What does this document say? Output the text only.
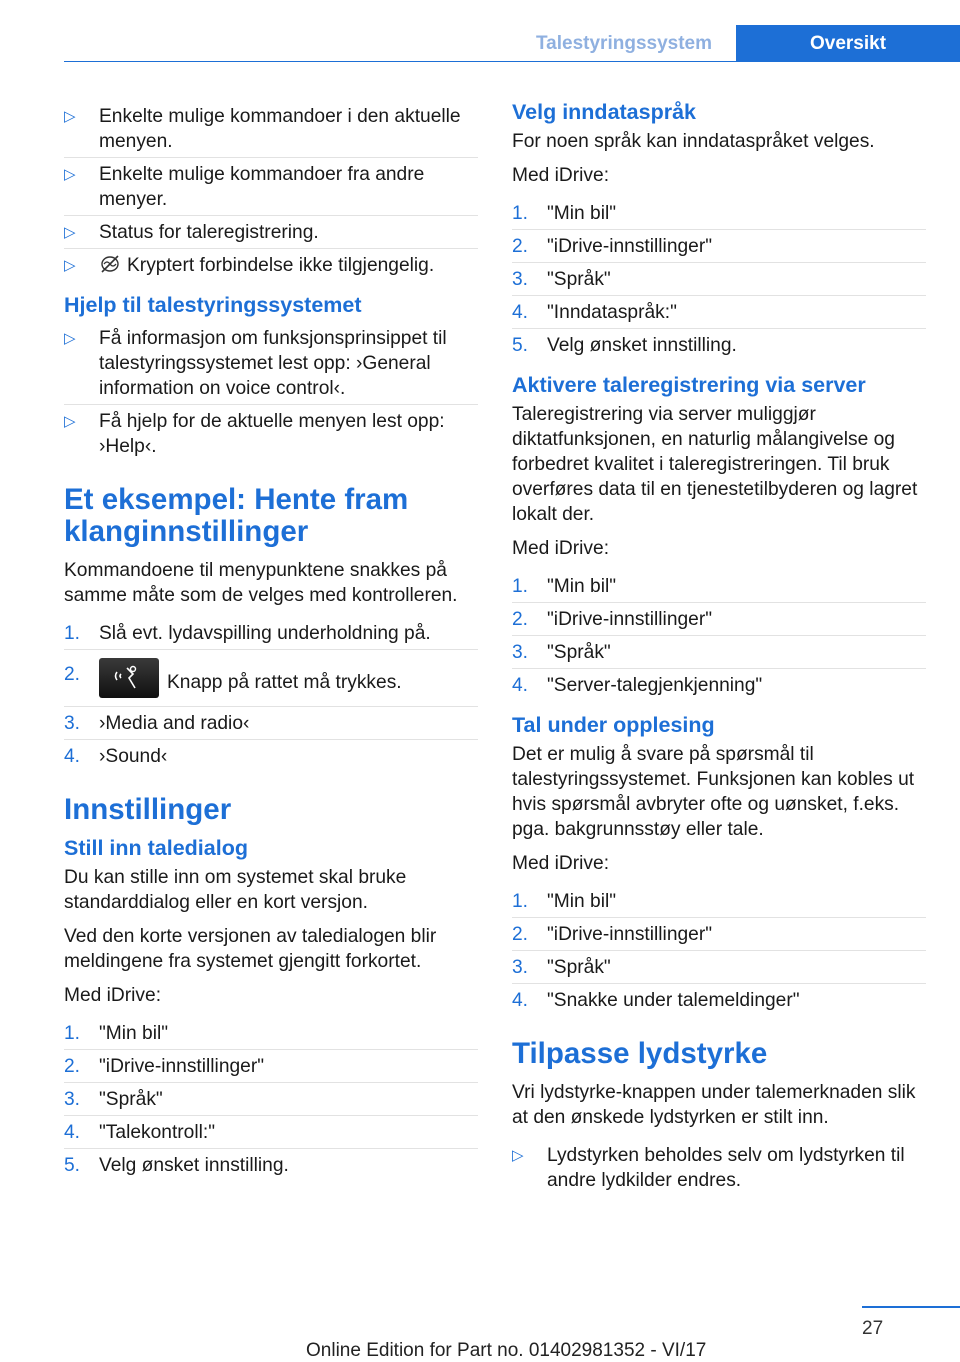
Talestyringssystem	Oversikt
▷ Enkelte mulige kommandoer i den aktuelle menyen.
▷ Enkelte mulige kommandoer fra andre menyer.
▷ Status for taleregistrering.
▷	Kryptert forbindelse ikke tilgjengelig.
Hjelp til talestyringssystemet
▷ Få informasjon om funksjonsprinsippet til talestyringssystemet lest opp: ›General information on voice control‹.
▷ Få hjelp for de aktuelle menyen lest opp: ›Help‹.
Et eksempel: Hente fram klanginnstillinger

Kommandoene til menypunktene snakkes på samme måte som de velges med kontrolleren.

1. Slå evt. lydavspilling underholdning på.
2.	Knapp på rattet må trykkes.
3. ›Media and radio‹
4. ›Sound‹
Innstillinger
Still inn taledialog

Du kan stille inn om systemet skal bruke standarddialog eller en kort versjon.

Ved den korte versjonen av taledialogen blir meldingene fra systemet gjengitt forkortet.

Med iDrive:

1. "Min bil"
2. "iDrive-innstillinger"
3. "Språk"
4. "Talekontroll:"
5. Velg ønsket innstilling.
Velg inndataspråk

For noen språk kan inndataspråket velges.

Med iDrive:

1. "Min bil"
2. "iDrive-innstillinger"
3. "Språk"
4. "Inndataspråk:"
5. Velg ønsket innstilling.
Aktivere taleregistrering via server

Taleregistrering via server muliggjør diktatfunksjonen, en naturlig målangivelse og forbedret kvalitet i taleregistreringen. Til bruk overføres data til en tjenestetilbyderen og lagret lokalt der.

Med iDrive:

1. "Min bil"
2. "iDrive-innstillinger"
3. "Språk"
4. "Server-talegjenkjenning"
Tal under opplesing

Det er mulig å svare på spørsmål til talestyringssystemet. Funksjonen kan kobles ut hvis spørsmål avbryter ofte og uønsket, f.eks. pga. bakgrunnsstøy eller tale.

Med iDrive:

1. "Min bil"
2. "iDrive-innstillinger"
3. "Språk"
4. "Snakke under talemeldinger"
Tilpasse lydstyrke

Vri lydstyrke-knappen under talemerknaden slik at den ønskede lydstyrken er stilt inn.

▷ Lydstyrken beholdes selv om lydstyrken til andre lydkilder endres.
27
Online Edition for Part no. 01402981352 - VI/17
